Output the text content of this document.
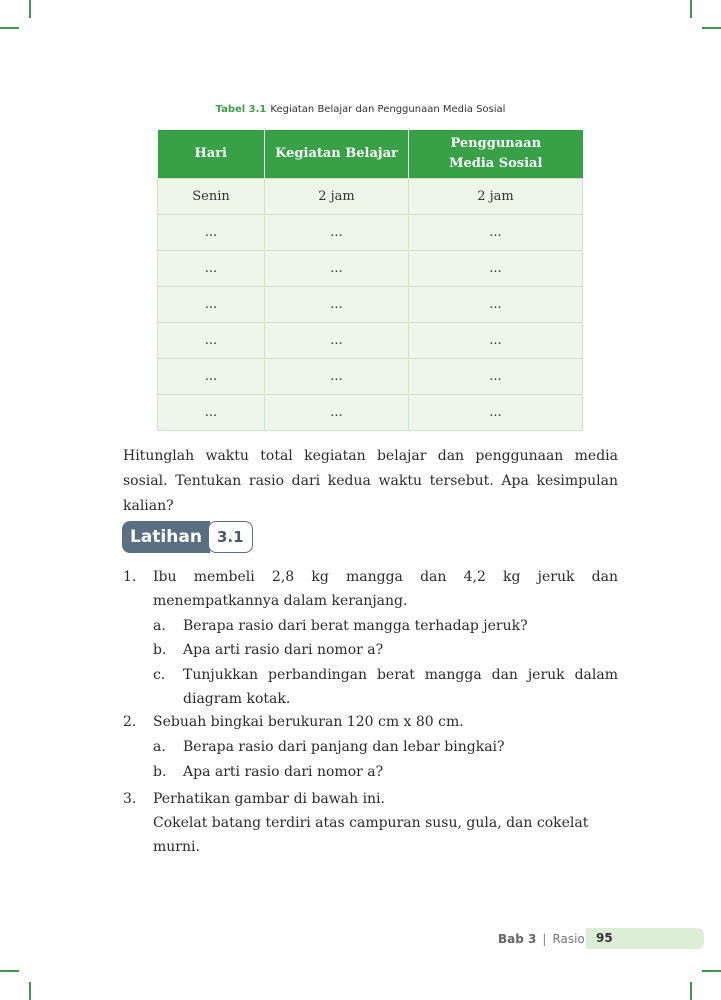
Tabel 3.1 Kegiatan Belajar dan Penggunaan Media Sosial
Hari	Kegiatan Belajar	Penggunaan
Media Sosial
Senin	2 jam	2 jam
...	...	...
...	...	...
...	...	...
...	...	...
...	...	...
...	...	...
Hitunglah waktu total kegiatan belajar dan penggunaan media sosial. Tentukan rasio dari kedua waktu tersebut. Apa kesimpulan kalian?
Latihan	3.1
1. Ibu membeli 2,8 kg mangga dan 4,2 kg jeruk dan menempatkannya dalam keranjang.
a. Berapa rasio dari berat mangga terhadap jeruk?
b. Apa arti rasio dari nomor a?
c. Tunjukkan perbandingan berat mangga dan jeruk dalam diagram kotak.
2. Sebuah bingkai berukuran 120 cm x 80 cm.
a. Berapa rasio dari panjang dan lebar bingkai?
b. Apa arti rasio dari nomor a?
3. Perhatikan gambar di bawah ini.
Cokelat batang terdiri atas campuran susu, gula, dan cokelat murni.
Bab 3 | Rasio 95
